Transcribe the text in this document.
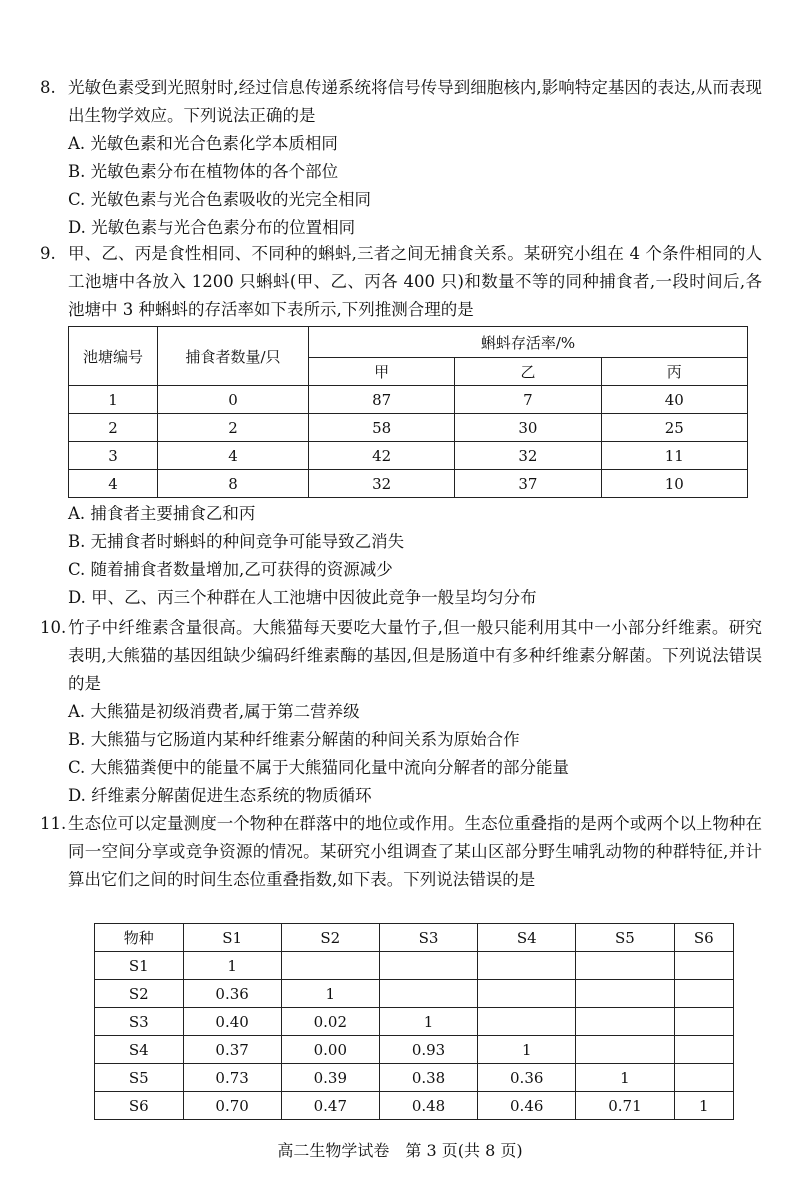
8. 光敏色素受到光照射时,经过信息传递系统将信号传导到细胞核内,影响特定基因的表达,从而表现出生物学效应。下列说法正确的是
A. 光敏色素和光合色素化学本质相同
B. 光敏色素分布在植物体的各个部位
C. 光敏色素与光合色素吸收的光完全相同
D. 光敏色素与光合色素分布的位置相同
9. 甲、乙、丙是食性相同、不同种的蝌蚪,三者之间无捕食关系。某研究小组在 4 个条件相同的人工池塘中各放入 1200 只蝌蚪(甲、乙、丙各 400 只)和数量不等的同种捕食者,一段时间后,各池塘中 3 种蝌蚪的存活率如下表所示,下列推测合理的是
池塘编号	捕食者数量/只	蝌蚪存活率/%		
		甲	乙	丙
1	0	87	7	40
2	2	58	30	25
3	4	42	32	11
4	8	32	37	10
A. 捕食者主要捕食乙和丙
B. 无捕食者时蝌蚪的种间竞争可能导致乙消失
C. 随着捕食者数量增加,乙可获得的资源减少
D. 甲、乙、丙三个种群在人工池塘中因彼此竞争一般呈均匀分布
10. 竹子中纤维素含量很高。大熊猫每天要吃大量竹子,但一般只能利用其中一小部分纤维素。研究表明,大熊猫的基因组缺少编码纤维素酶的基因,但是肠道中有多种纤维素分解菌。下列说法错误的是
A. 大熊猫是初级消费者,属于第二营养级
B. 大熊猫与它肠道内某种纤维素分解菌的种间关系为原始合作
C. 大熊猫粪便中的能量不属于大熊猫同化量中流向分解者的部分能量
D. 纤维素分解菌促进生态系统的物质循环
11. 生态位可以定量测度一个物种在群落中的地位或作用。生态位重叠指的是两个或两个以上物种在同一空间分享或竞争资源的情况。某研究小组调查了某山区部分野生哺乳动物的种群特征,并计算出它们之间的时间生态位重叠指数,如下表。下列说法错误的是
物种	S1	S2	S3	S4	S5	S6
S1	1					
S2	0.36	1				
S3	0.40	0.02	1			
S4	0.37	0.00	0.93	1		
S5	0.73	0.39	0.38	0.36	1	
S6	0.70	0.47	0.48	0.46	0.71	1
高二生物学试卷　第 3 页(共 8 页)
